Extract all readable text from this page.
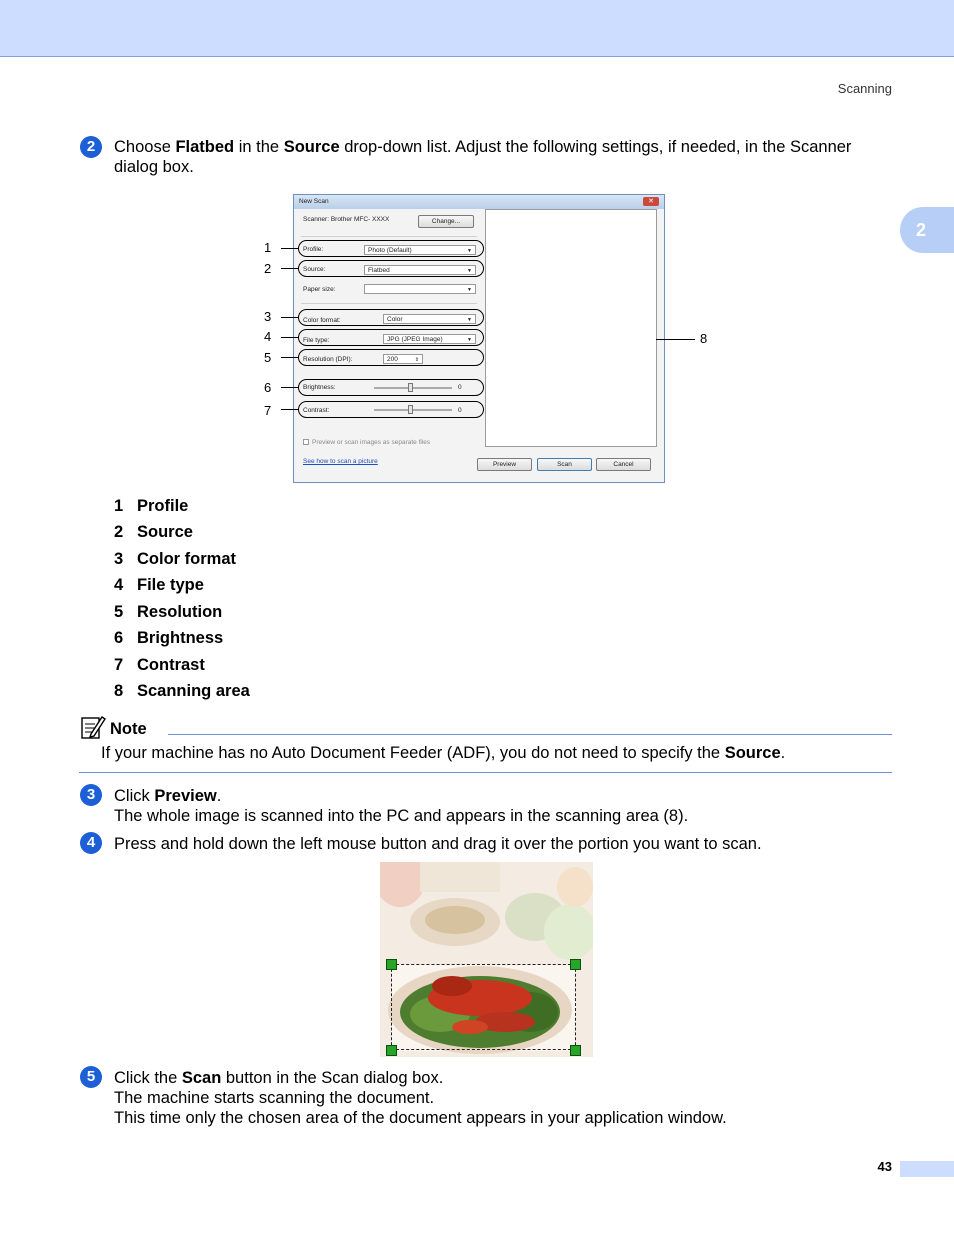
Scanning
2
2	Choose Flatbed in the Source drop-down list. Adjust the following settings, if needed, in the Scanner
dialog box.
New Scan	✕
Scanner: Brother MFC- XXXX	Change...
Profile:	Photo (Default)	▼
Source:	Flatbed	▼
Paper size:	▼
Color format:	Color	▼
File type:	JPG (JPEG Image)	▼
Resolution (DPI):	200	⇕
Brightness:	0
Contrast:	0
Preview or scan images as separate files
See how to scan a picture	Preview	Scan	Cancel
1
2
3
4
5
6
7
8
1 Profile
2 Source
3 Color format
4 File type
5 Resolution
6 Brightness
7 Contrast
8 Scanning area
Note
If your machine has no Auto Document Feeder (ADF), you do not need to specify the Source.
3	Click Preview.
The whole image is scanned into the PC and appears in the scanning area (8).
4	Press and hold down the left mouse button and drag it over the portion you want to scan.
5	Click the Scan button in the Scan dialog box.
The machine starts scanning the document.
This time only the chosen area of the document appears in your application window.
43
